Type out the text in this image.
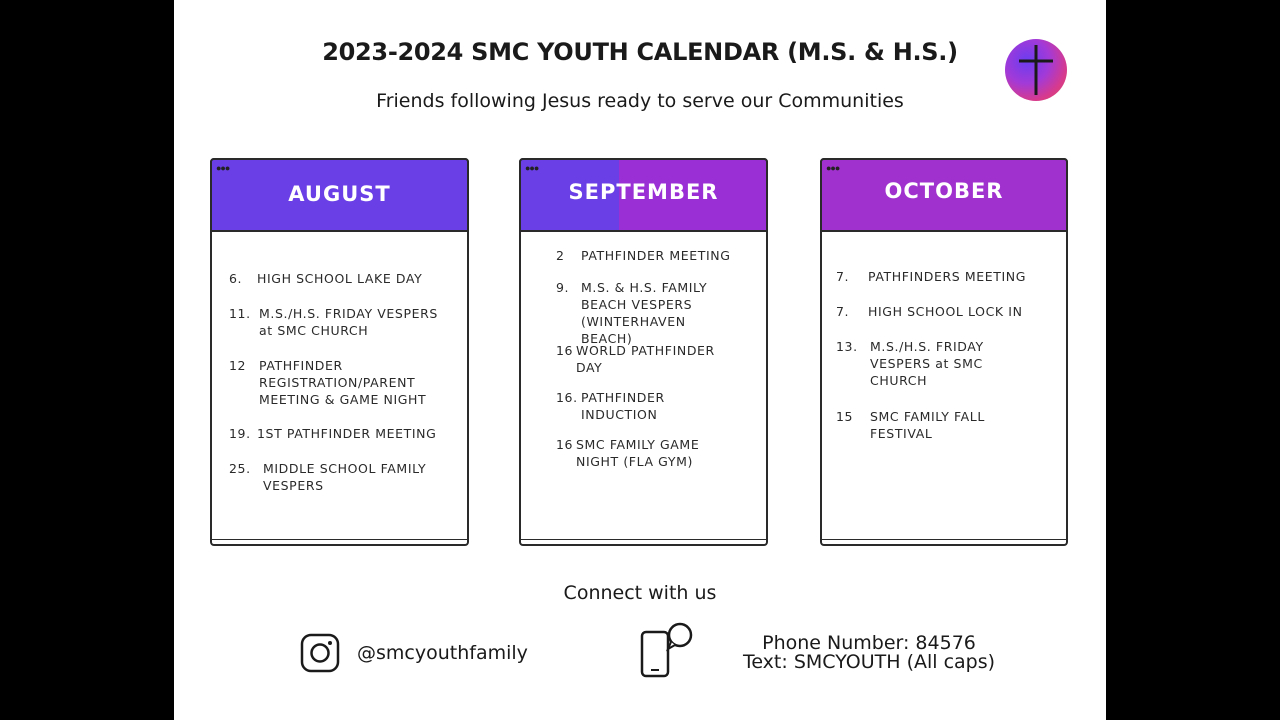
2023-2024 SMC YOUTH CALENDAR (M.S. & H.S.)
Friends following Jesus ready to serve our Communities
●●●
AUGUST
6. HIGH SCHOOL LAKE DAY
11. M.S./H.S. FRIDAY VESPERS at SMC CHURCH
12 PATHFINDER REGISTRATION/PARENT MEETING & GAME NIGHT
19. 1ST PATHFINDER MEETING
25. MIDDLE SCHOOL FAMILY VESPERS
●●●
SEPTEMBER
2 PATHFINDER MEETING
9. M.S. & H.S. FAMILY BEACH VESPERS (WINTERHAVEN BEACH)
16 WORLD PATHFINDER DAY
16. PATHFINDER INDUCTION
16 SMC FAMILY GAME NIGHT (FLA GYM)
●●●
OCTOBER
7. PATHFINDERS MEETING
7. HIGH SCHOOL LOCK IN
13. M.S./H.S. FRIDAY VESPERS at SMC CHURCH
15 SMC FAMILY FALL FESTIVAL
Connect with us
@smcyouthfamily	Phone Number: 84576
Text: SMCYOUTH (All caps)
